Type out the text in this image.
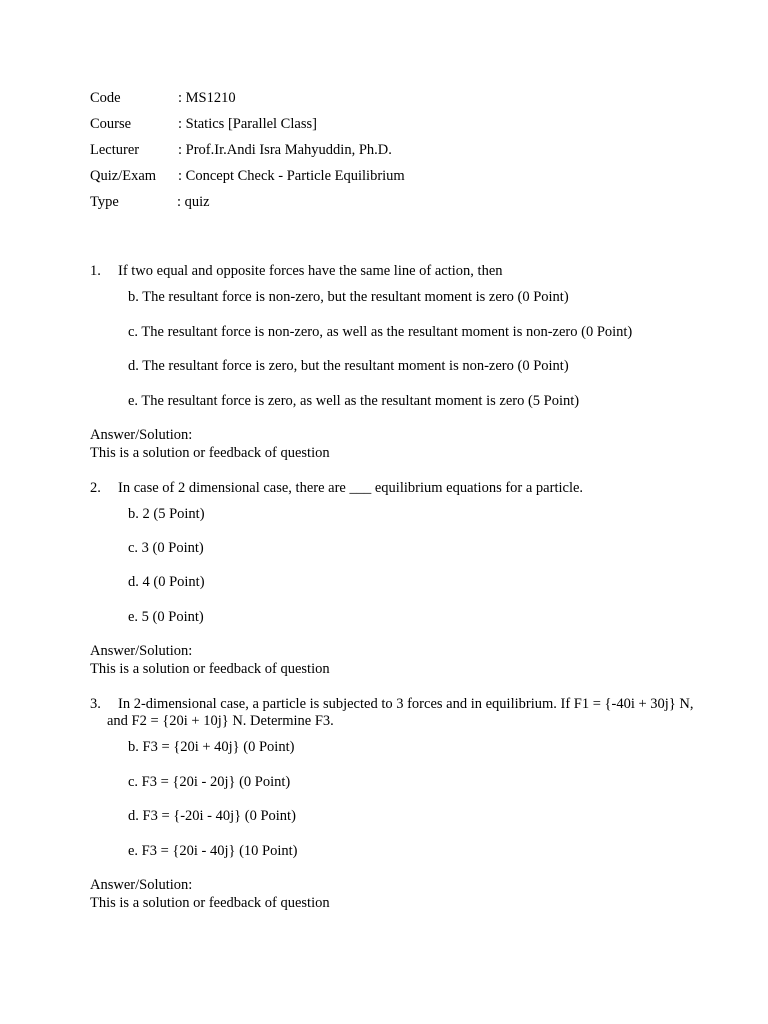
Code	: MS1210
Course	: Statics [Parallel Class]
Lecturer	: Prof.Ir.Andi Isra Mahyuddin, Ph.D.
Quiz/Exam : Concept Check - Particle Equilibrium
Type	: quiz
1. If two equal and opposite forces have the same line of action, then
b. The resultant force is non-zero, but the resultant moment is zero (0 Point)
c. The resultant force is non-zero, as well as the resultant moment is non-zero (0 Point)
d. The resultant force is zero, but the resultant moment is non-zero (0 Point)
e. The resultant force is zero, as well as the resultant moment is zero (5 Point)
Answer/Solution:
This is a solution or feedback of question
2. In case of 2 dimensional case, there are ___ equilibrium equations for a particle.
b. 2 (5 Point)
c. 3 (0 Point)
d. 4 (0 Point)
e. 5 (0 Point)
Answer/Solution:
This is a solution or feedback of question
3. In 2-dimensional case, a particle is subjected to 3 forces and in equilibrium. If F1 = {-40i + 30j} N,
and F2 = {20i + 10j} N. Determine F3.
b. F3 = {20i + 40j} (0 Point)
c. F3 = {20i - 20j} (0 Point)
d. F3 = {-20i - 40j} (0 Point)
e. F3 = {20i - 40j} (10 Point)
Answer/Solution:
This is a solution or feedback of question
